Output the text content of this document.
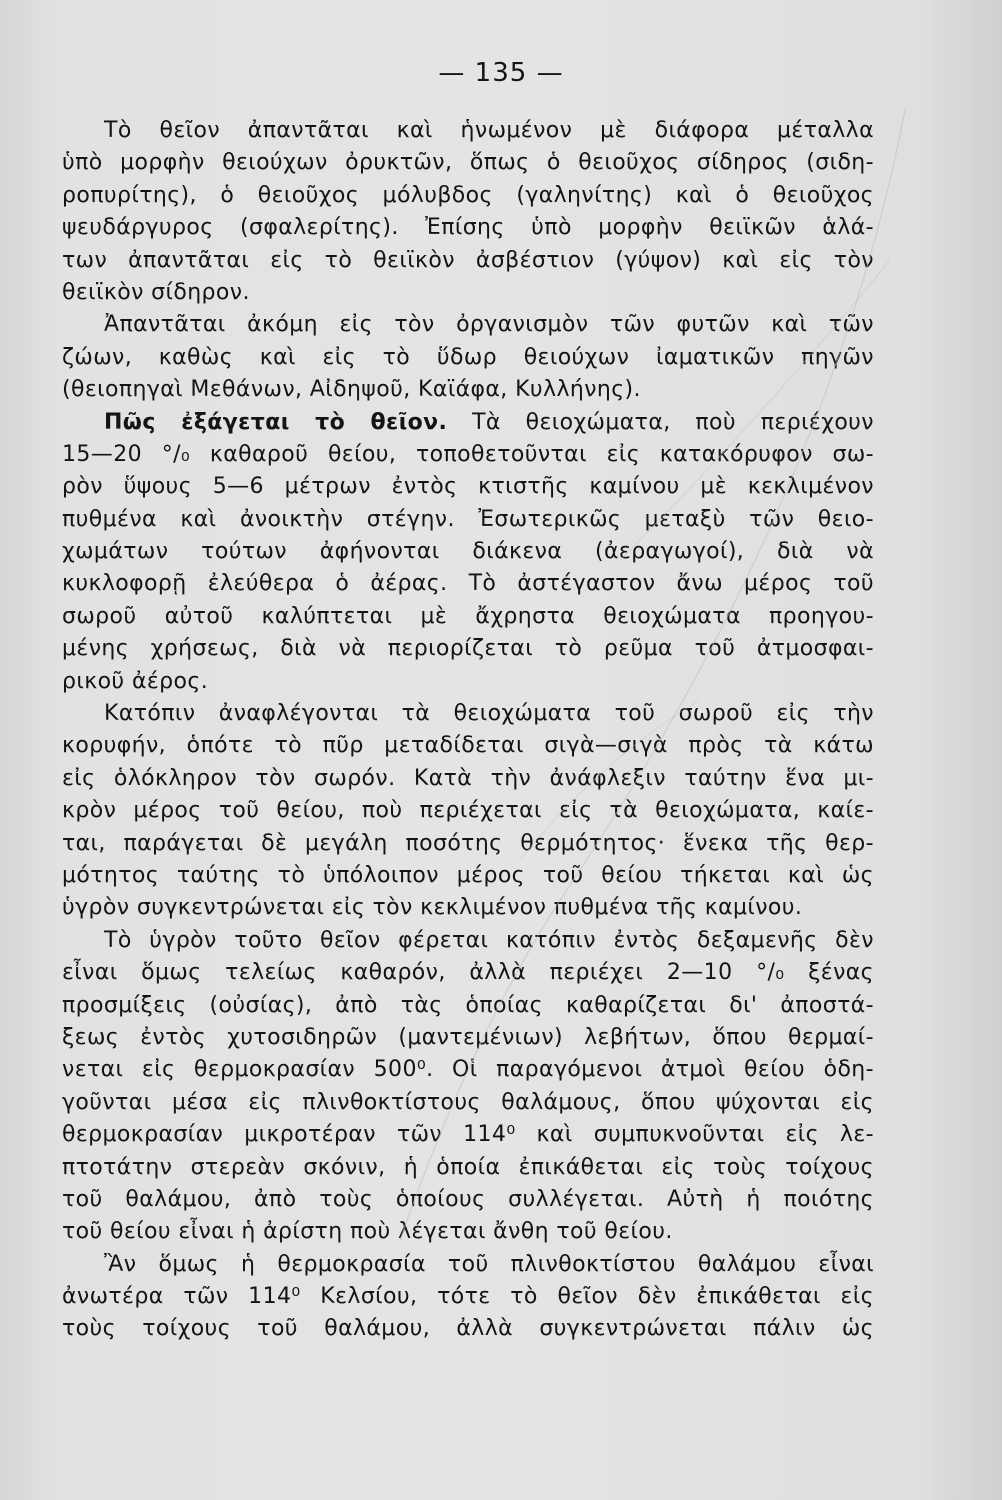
— 135 —
Τὸ θεῖον ἀπαντᾶται καὶ ἡνωμένον μὲ διάφορα μέταλλα
ὑπὸ μορφὴν θειούχων ὀρυκτῶν, ὅπως ὁ θειοῦχος σίδηρος (σιδη-
ροπυρίτης), ὁ θειοῦχος μόλυβδος (γαληνίτης) καὶ ὁ θειοῦχος
ψευδάργυρος (σφαλερίτης). Ἐπίσης ὑπὸ μορφὴν θειϊκῶν ἁλά-
των ἀπαντᾶται εἰς τὸ θειϊκὸν ἀσβέστιον (γύψον) καὶ εἰς τὸν
θειϊκὸν σίδηρον.
Ἀπαντᾶται ἀκόμη εἰς τὸν ὀργανισμὸν τῶν φυτῶν καὶ τῶν
ζώων, καθὼς καὶ εἰς τὸ ὕδωρ θειούχων ἰαματικῶν πηγῶν
(θειοπηγαὶ Μεθάνων, Αἰδηψοῦ, Καϊάφα, Κυλλήνης).
Πῶς ἐξάγεται τὸ θεῖον. Τὰ θειοχώματα, ποὺ περιέχουν
15—20 °/₀ καθαροῦ θείου, τοποθετοῦνται εἰς κατακόρυφον σω-
ρὸν ὕψους 5—6 μέτρων ἐντὸς κτιστῆς καμίνου μὲ κεκλιμένον
πυθμένα καὶ ἀνοικτὴν στέγην. Ἐσωτερικῶς μεταξὺ τῶν θειο-
χωμάτων τούτων ἀφήνονται διάκενα (ἀεραγωγοί), διὰ νὰ
κυκλοφορῇ ἐλεύθερα ὁ ἀέρας. Τὸ ἀστέγαστον ἄνω μέρος τοῦ
σωροῦ αὐτοῦ καλύπτεται μὲ ἄχρηστα θειοχώματα προηγου-
μένης χρήσεως, διὰ νὰ περιορίζεται τὸ ρεῦμα τοῦ ἀτμοσφαι-
ρικοῦ ἀέρος.
Κατόπιν ἀναφλέγονται τὰ θειοχώματα τοῦ σωροῦ εἰς τὴν
κορυφήν, ὁπότε τὸ πῦρ μεταδίδεται σιγὰ—σιγὰ πρὸς τὰ κάτω
εἰς ὁλόκληρον τὸν σωρόν. Κατὰ τὴν ἀνάφλεξιν ταύτην ἕνα μι-
κρὸν μέρος τοῦ θείου, ποὺ περιέχεται εἰς τὰ θειοχώματα, καίε-
ται, παράγεται δὲ μεγάλη ποσότης θερμότητος· ἕνεκα τῆς θερ-
μότητος ταύτης τὸ ὑπόλοιπον μέρος τοῦ θείου τήκεται καὶ ὡς
ὑγρὸν συγκεντρώνεται εἰς τὸν κεκλιμένον πυθμένα τῆς καμίνου.
Τὸ ὑγρὸν τοῦτο θεῖον φέρεται κατόπιν ἐντὸς δεξαμενῆς δὲν
εἶναι ὅμως τελείως καθαρόν, ἀλλὰ περιέχει 2—10 °/₀ ξένας
προσμίξεις (οὐσίας), ἀπὸ τὰς ὁποίας καθαρίζεται δι' ἀποστά-
ξεως ἐντὸς χυτοσιδηρῶν (μαντεμένιων) λεβήτων, ὅπου θερμαί-
νεται εἰς θερμοκρασίαν 500⁰. Οἱ παραγόμενοι ἀτμοὶ θείου ὁδη-
γοῦνται μέσα εἰς πλινθοκτίστους θαλάμους, ὅπου ψύχονται εἰς
θερμοκρασίαν μικροτέραν τῶν 114⁰ καὶ συμπυκνοῦνται εἰς λε-
πτοτάτην στερεὰν σκόνιν, ἡ ὁποία ἐπικάθεται εἰς τοὺς τοίχους
τοῦ θαλάμου, ἀπὸ τοὺς ὁποίους συλλέγεται. Αὐτὴ ἡ ποιότης
τοῦ θείου εἶναι ἡ ἀρίστη ποὺ λέγεται ἄνθη τοῦ θείου.
Ἂν ὅμως ἡ θερμοκρασία τοῦ πλινθοκτίστου θαλάμου εἶναι
ἀνωτέρα τῶν 114⁰ Κελσίου, τότε τὸ θεῖον δὲν ἐπικάθεται εἰς
τοὺς τοίχους τοῦ θαλάμου, ἀλλὰ συγκεντρώνεται πάλιν ὡς
